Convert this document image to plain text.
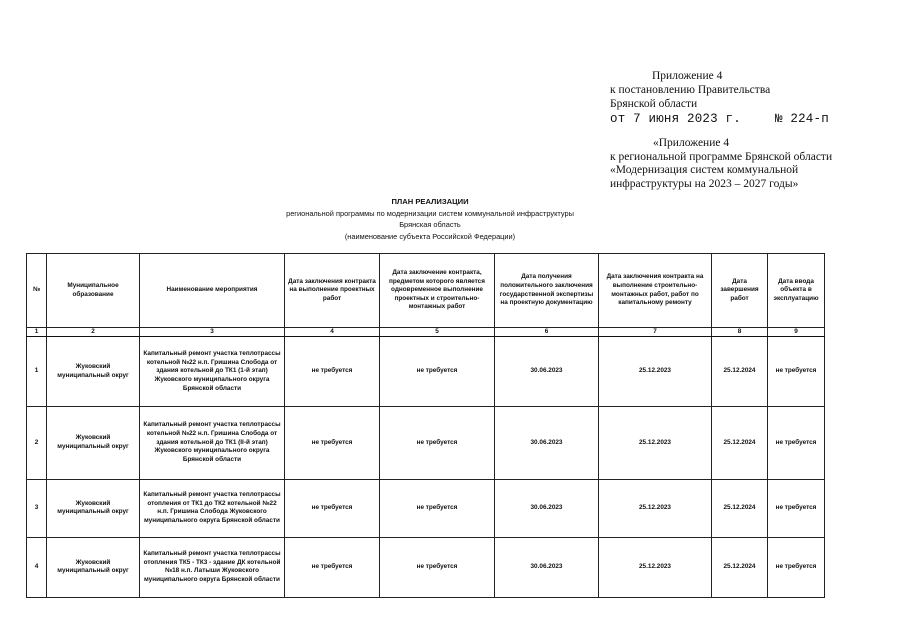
Приложение 4
к постановлению Правительства
Брянской области
от 7 июня 2023 г.	№ 224-п
«Приложение 4
к региональной программе Брянской области
«Модернизация систем коммунальной
инфраструктуры на 2023 – 2027 годы»
ПЛАН РЕАЛИЗАЦИИ
региональной программы по модернизации систем коммунальной инфраструктуры
Брянская область
(наименование субъекта Российской Федерации)
№	Муниципальное образование	Наименование мероприятия	Дата заключения контракта на выполнение проектных работ	Дата заключение контракта, предметом которого является одновременное выполнение проектных и строительно-монтажных работ	Дата получения положительного заключения государственной экспертизы на проектную документацию	Дата заключения контракта на выполнение строительно-монтажных работ, работ по капитальному ремонту	Дата завершения работ	Дата ввода объекта в эксплуатацию
1	2	3	4	5	6	7	8	9
1	Жуковский муниципальный округ	Капитальный ремонт участка теплотрассы котельной №22 н.п. Гришина Слобода от здания котельной до ТК1 (1-й этап) Жуковского муниципального округа Брянской области	не требуется	не требуется	30.06.2023	25.12.2023	25.12.2024	не требуется
2	Жуковский муниципальный округ	Капитальный ремонт участка теплотрассы котельной №22 н.п. Гришина Слобода от здания котельной до ТК1 (II-й этап) Жуковского муниципального округа Брянской области	не требуется	не требуется	30.06.2023	25.12.2023	25.12.2024	не требуется
3	Жуковский муниципальный округ	Капитальный ремонт участка теплотрассы отопления от ТК1 до ТК2 котельной №22 н.п. Гришина Слобода Жуковского муниципального округа Брянской области	не требуется	не требуется	30.06.2023	25.12.2023	25.12.2024	не требуется
4	Жуковский муниципальный округ	Капитальный ремонт участка теплотрассы отопления ТК5 - ТК3 - здание ДК котельной №18 н.п. Латыши Жуковского муниципального округа Брянской области	не требуется	не требуется	30.06.2023	25.12.2023	25.12.2024	не требуется
